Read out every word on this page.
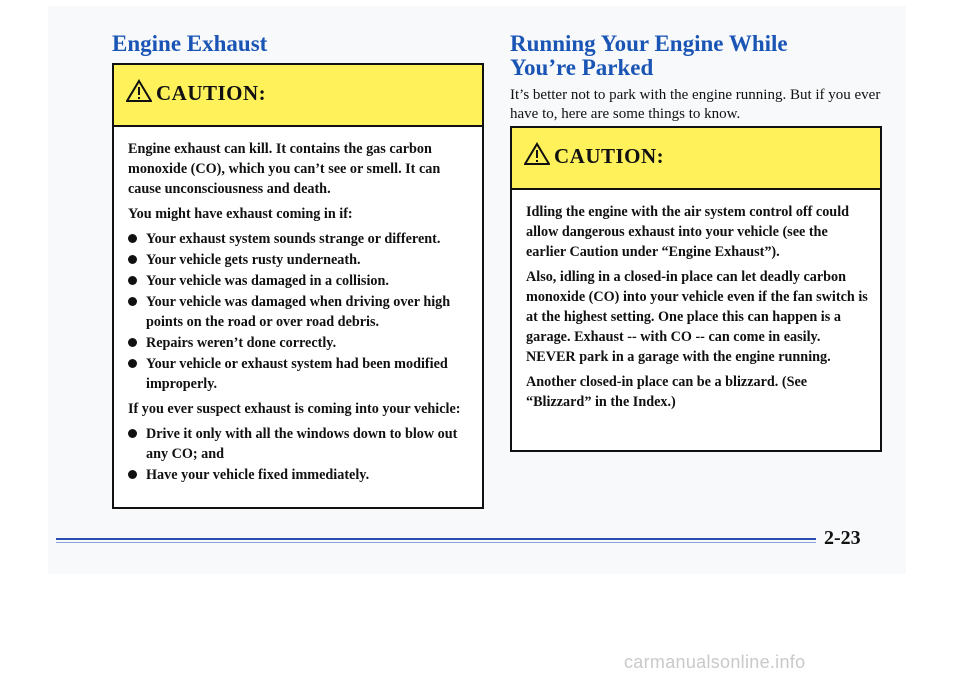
Engine Exhaust
CAUTION:

Engine exhaust can kill. It contains the gas carbon monoxide (CO), which you can’t see or smell. It can cause unconsciousness and death.

You might have exhaust coming in if:

Your exhaust system sounds strange or different.
Your vehicle gets rusty underneath.
Your vehicle was damaged in a collision.
Your vehicle was damaged when driving over high points on the road or over road debris.
Repairs weren’t done correctly.
Your vehicle or exhaust system had been modified improperly.

If you ever suspect exhaust is coming into your vehicle:

Drive it only with all the windows down to blow out any CO; and
Have your vehicle fixed immediately.
Running Your Engine While
You’re Parked

It’s better not to park with the engine running. But if you ever have to, here are some things to know.

CAUTION:

Idling the engine with the air system control off could allow dangerous exhaust into your vehicle (see the earlier Caution under “Engine Exhaust”).

Also, idling in a closed-in place can let deadly carbon monoxide (CO) into your vehicle even if the fan switch is at the highest setting. One place this can happen is a garage. Exhaust -- with CO -- can come in easily. NEVER park in a garage with the engine running.

Another closed-in place can be a blizzard. (See “Blizzard” in the Index.)

2-23
carmanualsonline.info
